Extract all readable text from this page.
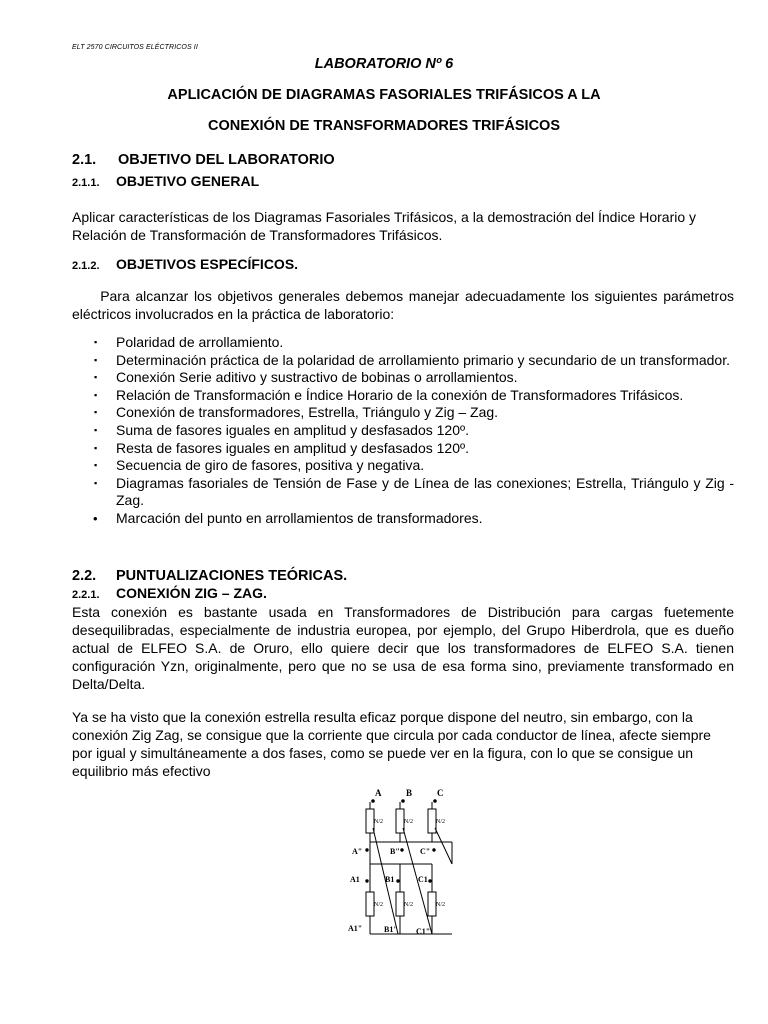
ELT 2570 CIRCUITOS ELÉCTRICOS II
LABORATORIO Nº 6
APLICACIÓN DE DIAGRAMAS FASORIALES TRIFÁSICOS A LA
CONEXIÓN DE TRANSFORMADORES TRIFÁSICOS
2.1. OBJETIVO DEL LABORATORIO
2.1.1. OBJETIVO GENERAL
Aplicar características de los Diagramas Fasoriales Trifásicos, a la demostración del Índice Horario y Relación de Transformación de Transformadores Trifásicos.
2.1.2. OBJETIVOS ESPECÍFICOS.
Para alcanzar los objetivos generales debemos manejar adecuadamente los siguientes parámetros eléctricos involucrados en la práctica de laboratorio:
▪ Polaridad de arrollamiento.
▪ Determinación práctica de la polaridad de arrollamiento primario y secundario de un transformador.
▪ Conexión Serie aditivo y sustractivo de bobinas o arrollamientos.
▪ Relación de Transformación e Índice Horario de la conexión de Transformadores Trifásicos.
▪ Conexión de transformadores, Estrella, Triángulo y Zig – Zag.
▪ Suma de fasores iguales en amplitud y desfasados 120º.
▪ Resta de fasores iguales en amplitud y desfasados 120º.
▪ Secuencia de giro de fasores, positiva y negativa.
▪ Diagramas fasoriales de Tensión de Fase y de Línea de las conexiones; Estrella, Triángulo y Zig - Zag.
• Marcación del punto en arrollamientos de transformadores.
2.2. PUNTUALIZACIONES TEÓRICAS.
2.2.1. CONEXIÓN ZIG – ZAG.
Esta conexión es bastante usada en Transformadores de Distribución para cargas fuetemente desequilibradas, especialmente de industria europea, por ejemplo, del Grupo Hiberdrola, que es dueño actual de ELFEO S.A. de Oruro, ello quiere decir que los transformadores de ELFEO S.A. tienen configuración Yzn, originalmente, pero que no se usa de esa forma sino, previamente transformado en Delta/Delta.
Ya se ha visto que la conexión estrella resulta eficaz porque dispone del neutro, sin embargo, con la conexión Zig Zag, se consigue que la corriente que circula por cada conductor de línea, afecte siempre por igual y simultáneamente a dos fases, como se puede ver en la figura, con lo que se consigue un equilibrio más efectivo
A	B	C
A"	B"	C"
A1	B1	C1
A1"	B1" C1"
N/2	N/2	N/2
N/2	N/2	N/2
